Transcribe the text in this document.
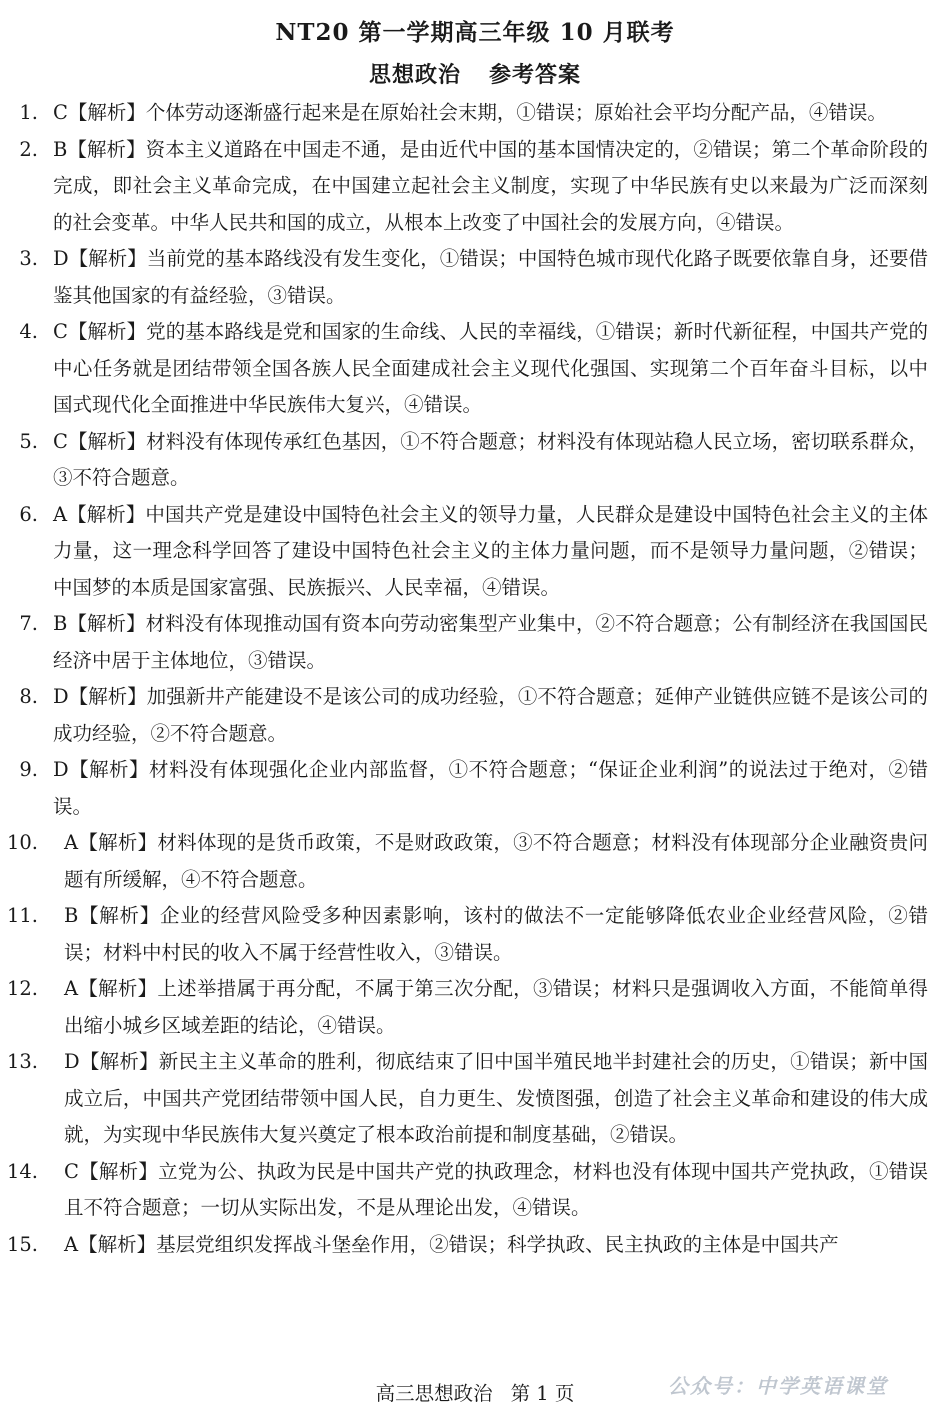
NT20 第一学期高三年级 10 月联考
思想政治 参考答案
1. C【解析】个体劳动逐渐盛行起来是在原始社会末期，①错误；原始社会平均分配产品，④错误。
2. B【解析】资本主义道路在中国走不通，是由近代中国的基本国情决定的，②错误；第二个革命阶段的完成，即社会主义革命完成，在中国建立起社会主义制度，实现了中华民族有史以来最为广泛而深刻的社会变革。中华人民共和国的成立，从根本上改变了中国社会的发展方向，④错误。
3. D【解析】当前党的基本路线没有发生变化，①错误；中国特色城市现代化路子既要依靠自身，还要借鉴其他国家的有益经验，③错误。
4. C【解析】党的基本路线是党和国家的生命线、人民的幸福线，①错误；新时代新征程，中国共产党的中心任务就是团结带领全国各族人民全面建成社会主义现代化强国、实现第二个百年奋斗目标，以中国式现代化全面推进中华民族伟大复兴，④错误。
5. C【解析】材料没有体现传承红色基因，①不符合题意；材料没有体现站稳人民立场，密切联系群众，③不符合题意。
6. A【解析】中国共产党是建设中国特色社会主义的领导力量，人民群众是建设中国特色社会主义的主体力量，这一理念科学回答了建设中国特色社会主义的主体力量问题，而不是领导力量问题，②错误；中国梦的本质是国家富强、民族振兴、人民幸福，④错误。
7. B【解析】材料没有体现推动国有资本向劳动密集型产业集中，②不符合题意；公有制经济在我国国民经济中居于主体地位，③错误。
8. D【解析】加强新井产能建设不是该公司的成功经验，①不符合题意；延伸产业链供应链不是该公司的成功经验，②不符合题意。
9. D【解析】材料没有体现强化企业内部监督，①不符合题意；“保证企业利润”的说法过于绝对，②错误。
10. A【解析】材料体现的是货币政策，不是财政政策，③不符合题意；材料没有体现部分企业融资贵问题有所缓解，④不符合题意。
11. B【解析】企业的经营风险受多种因素影响，该村的做法不一定能够降低农业企业经营风险，②错误；材料中村民的收入不属于经营性收入，③错误。
12. A【解析】上述举措属于再分配，不属于第三次分配，③错误；材料只是强调收入方面，不能简单得出缩小城乡区域差距的结论，④错误。
13. D【解析】新民主主义革命的胜利，彻底结束了旧中国半殖民地半封建社会的历史，①错误；新中国成立后，中国共产党团结带领中国人民，自力更生、发愤图强，创造了社会主义革命和建设的伟大成就，为实现中华民族伟大复兴奠定了根本政治前提和制度基础，②错误。
14. C【解析】立党为公、执政为民是中国共产党的执政理念，材料也没有体现中国共产党执政，①错误且不符合题意；一切从实际出发，不是从理论出发，④错误。
15. A【解析】基层党组织发挥战斗堡垒作用，②错误；科学执政、民主执政的主体是中国共产
高三思想政治 第 1 页	公众号：中学英语课堂
